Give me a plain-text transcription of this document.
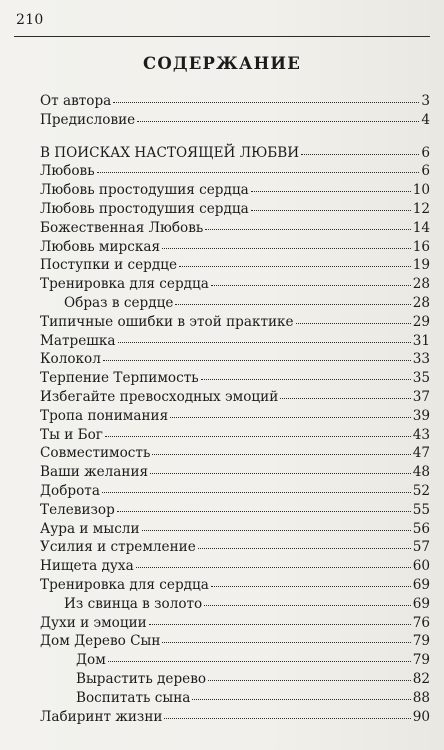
210
СОДЕРЖАНИЕ
От автора	3
Предисловие	4
В ПОИСКАХ НАСТОЯЩЕЙ ЛЮБВИ	6
Любовь	6
Любовь простодушия сердца	10
Любовь простодушия сердца	12
Божественная Любовь	14
Любовь мирская	16
Поступки и сердце	19
Тренировка для сердца	28
Образ в сердце	28
Типичные ошибки в этой практике	29
Матрешка	31
Колокол	33
Терпение Терпимость	35
Избегайте превосходных эмоций	37
Тропа понимания	39
Ты и Бог	43
Совместимость	47
Ваши желания	48
Доброта	52
Телевизор	55
Аура и мысли	56
Усилия и стремление	57
Нищета духа	60
Тренировка для сердца	69
Из свинца в золото	69
Духи и эмоции	76
Дом Дерево Сын	79
Дом	79
Вырастить дерево	82
Воспитать сына	88
Лабиринт жизни	90
